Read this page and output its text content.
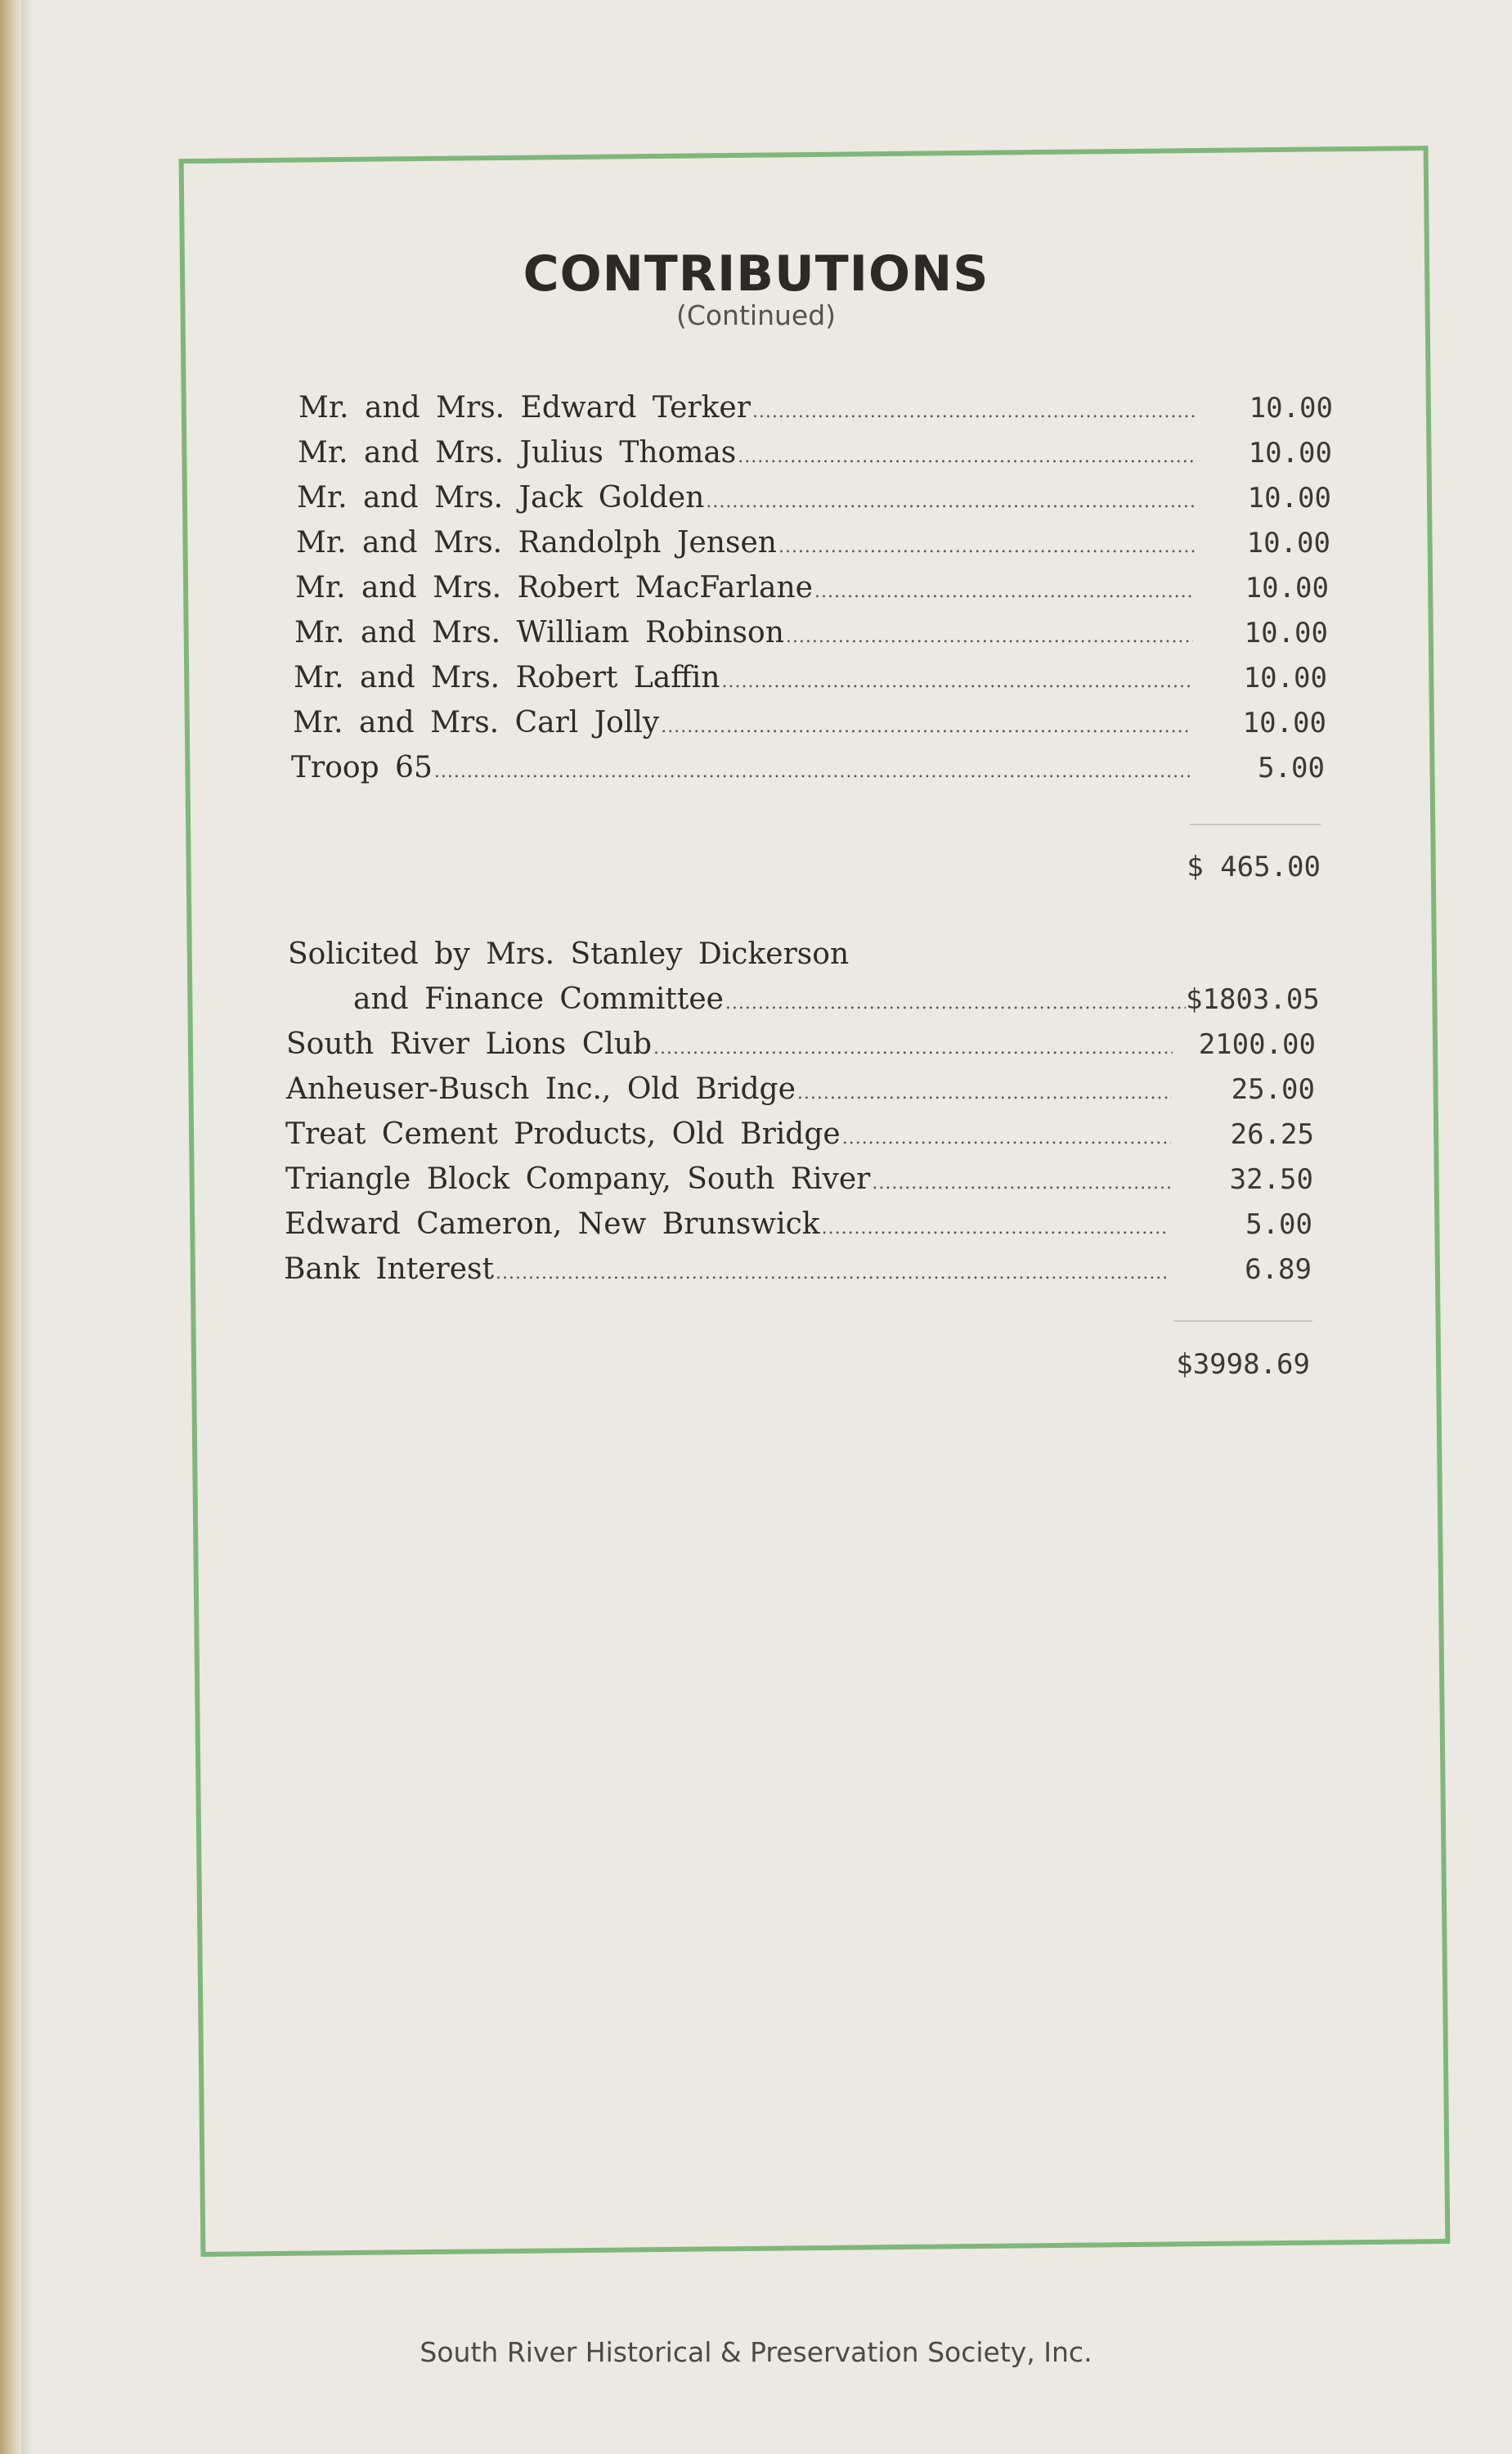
CONTRIBUTIONS
(Continued)
Mr. and Mrs. Edward Terker .....	10.00
Mr. and Mrs. Julius Thomas .....	10.00
Mr. and Mrs. Jack Golden .....	10.00
Mr. and Mrs. Randolph Jensen .....	10.00
Mr. and Mrs. Robert MacFarlane .....	10.00
Mr. and Mrs. William Robinson .....	10.00
Mr. and Mrs. Robert Laffin .....	10.00
Mr. and Mrs. Carl Jolly .....	10.00
Troop 65 .....	5.00
$ 465.00
Solicited by Mrs. Stanley Dickerson
and Finance Committee .....	$1803.05
South River Lions Club .....	2100.00
Anheuser-Busch Inc., Old Bridge .....	25.00
Treat Cement Products, Old Bridge .....	26.25
Triangle Block Company, South River .....	32.50
Edward Cameron, New Brunswick .....	5.00
Bank Interest .....	6.89
$3998.69
South River Historical & Preservation Society, Inc.
